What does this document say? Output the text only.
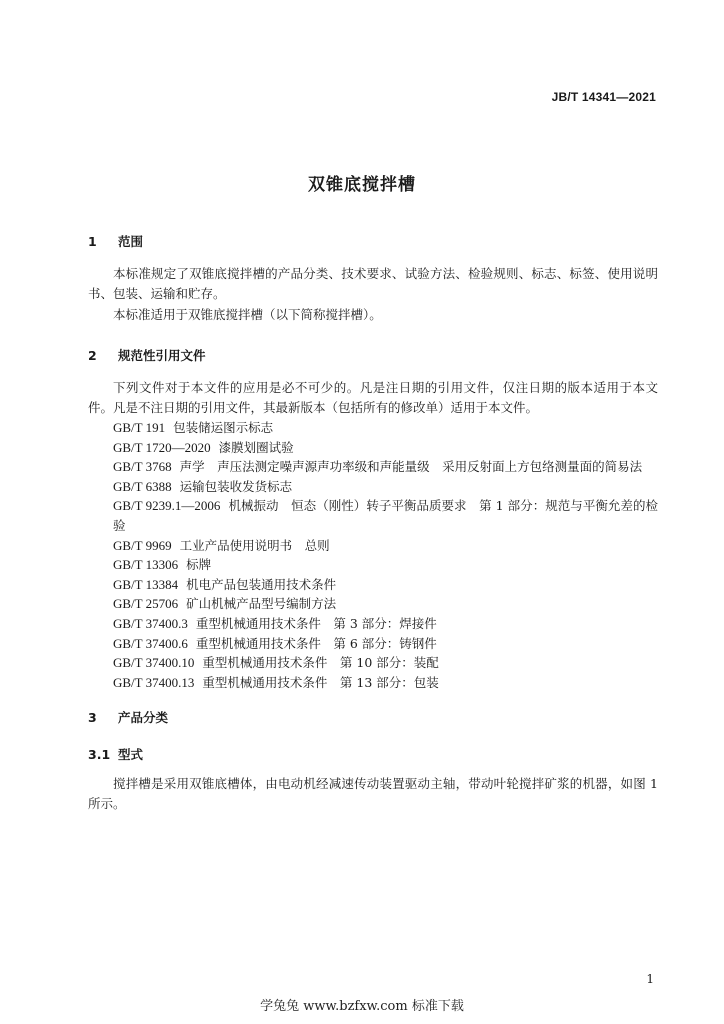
JB/T 14341—2021
双锥底搅拌槽
1 范围

本标准规定了双锥底搅拌槽的产品分类、技术要求、试验方法、检验规则、标志、标签、使用说明书、包装、运输和贮存。

本标准适用于双锥底搅拌槽（以下简称搅拌槽）。

2 规范性引用文件

下列文件对于本文件的应用是必不可少的。凡是注日期的引用文件，仅注日期的版本适用于本文件。凡是不注日期的引用文件，其最新版本（包括所有的修改单）适用于本文件。

GB/T 191 包装储运图示标志
GB/T 1720—2020 漆膜划圈试验
GB/T 3768 声学　声压法测定噪声源声功率级和声能量级　采用反射面上方包络测量面的简易法
GB/T 6388 运输包装收发货标志
GB/T 9239.1—2006 机械振动　恒态（刚性）转子平衡品质要求　第 1 部分：规范与平衡允差的检验
GB/T 9969 工业产品使用说明书　总则
GB/T 13306 标牌
GB/T 13384 机电产品包装通用技术条件
GB/T 25706 矿山机械产品型号编制方法
GB/T 37400.3 重型机械通用技术条件　第 3 部分：焊接件
GB/T 37400.6 重型机械通用技术条件　第 6 部分：铸钢件
GB/T 37400.10 重型机械通用技术条件　第 10 部分：装配
GB/T 37400.13 重型机械通用技术条件　第 13 部分：包装
3 产品分类
3.1 型式

搅拌槽是采用双锥底槽体，由电动机经减速传动装置驱动主轴，带动叶轮搅拌矿浆的机器，如图 1 所示。

1
学兔兔 www.bzfxw.com 标准下载
